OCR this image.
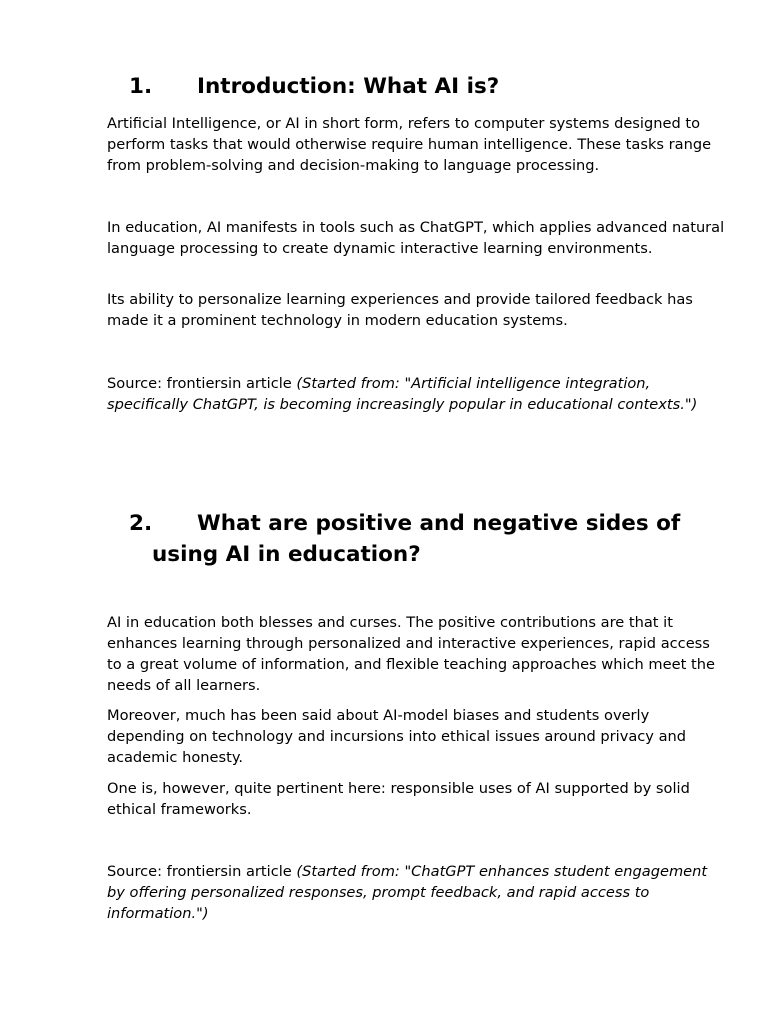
1. Introduction: What AI is?

Artificial Intelligence, or AI in short form, refers to computer systems designed to perform tasks that would otherwise require human intelligence. These tasks range from problem-solving and decision-making to language processing.

In education, AI manifests in tools such as ChatGPT, which applies advanced natural language processing to create dynamic interactive learning environments.

Its ability to personalize learning experiences and provide tailored feedback has made it a prominent technology in modern education systems.

Source: frontiersin article (Started from: "Artificial intelligence integration, specifically ChatGPT, is becoming increasingly popular in educational contexts.")

2. What are positive and negative sides of
using AI in education?

AI in education both blesses and curses. The positive contributions are that it enhances learning through personalized and interactive experiences, rapid access to a great volume of information, and flexible teaching approaches which meet the needs of all learners.

Moreover, much has been said about AI-model biases and students overly depending on technology and incursions into ethical issues around privacy and academic honesty.

One is, however, quite pertinent here: responsible uses of AI supported by solid ethical frameworks.

Source: frontiersin article (Started from: "ChatGPT enhances student engagement by offering personalized responses, prompt feedback, and rapid access to information.")
